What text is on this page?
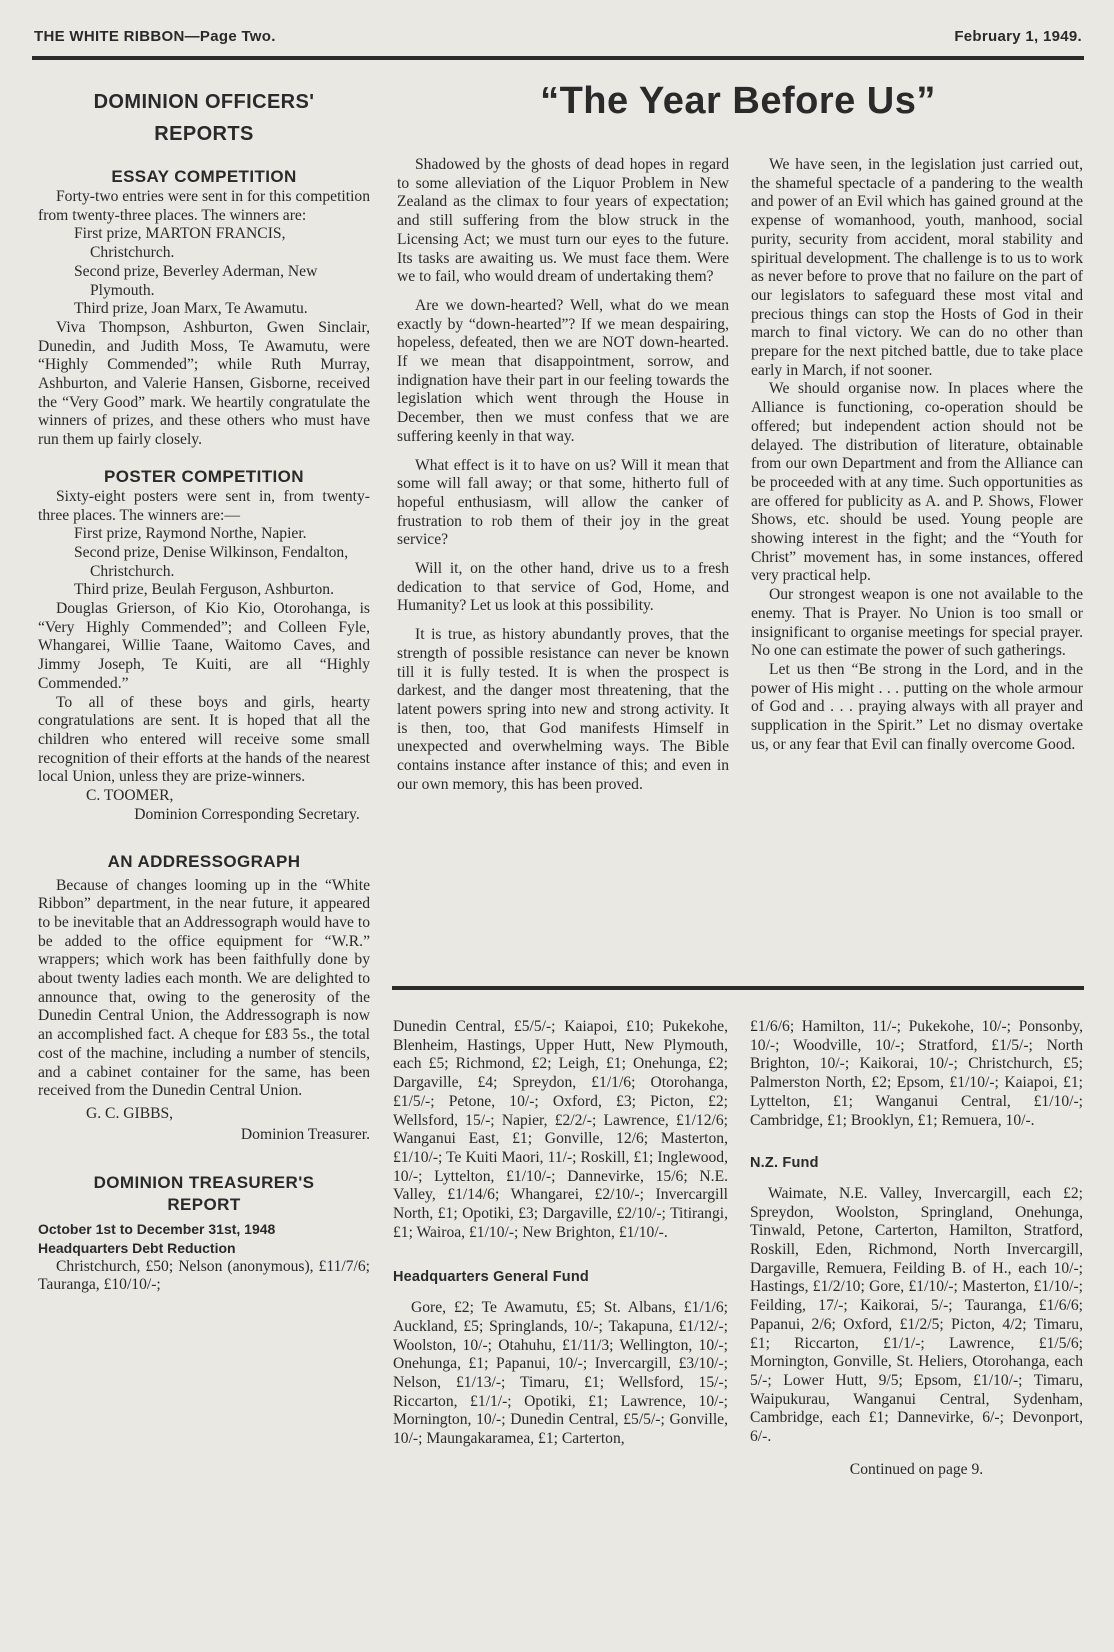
THE WHITE RIBBON—Page Two.	February 1, 1949.
DOMINION OFFICERS' REPORTS
ESSAY COMPETITION

Forty-two entries were sent in for this competition from twenty-three places. The winners are:

First prize, MARTON FRANCIS, Christchurch.
Second prize, Beverley Aderman, New Plymouth.
Third prize, Joan Marx, Te Awamutu.

Viva Thompson, Ashburton, Gwen Sinclair, Dunedin, and Judith Moss, Te Awamutu, were “Highly Commended”; while Ruth Murray, Ashburton, and Valerie Hansen, Gisborne, received the “Very Good” mark. We heartily congratulate the winners of prizes, and these others who must have run them up fairly closely.

POSTER COMPETITION

Sixty-eight posters were sent in, from twenty-three places. The winners are:—

First prize, Raymond Northe, Napier.
Second prize, Denise Wilkinson, Fendalton, Christchurch.
Third prize, Beulah Ferguson, Ashburton.

Douglas Grierson, of Kio Kio, Otorohanga, is “Very Highly Commended”; and Colleen Fyle, Whangarei, Willie Taane, Waitomo Caves, and Jimmy Joseph, Te Kuiti, are all “Highly Commended.”

To all of these boys and girls, hearty congratulations are sent. It is hoped that all the children who entered will receive some small recognition of their efforts at the hands of the nearest local Union, unless they are prize-winners.

C. TOOMER,
Dominion Corresponding Secretary.
AN ADDRESSOGRAPH

Because of changes looming up in the “White Ribbon” department, in the near future, it appeared to be inevitable that an Addressograph would have to be added to the office equipment for “W.R.” wrappers; which work has been faithfully done by about twenty ladies each month. We are delighted to announce that, owing to the generosity of the Dunedin Central Union, the Addressograph is now an accomplished fact. A cheque for £83 5s., the total cost of the machine, including a number of stencils, and a cabinet container for the same, has been received from the Dunedin Central Union.

G. C. GIBBS,
Dominion Treasurer.
DOMINION TREASURER'S REPORT
October 1st to December 31st, 1948
Headquarters Debt Reduction

Christchurch, £50; Nelson (anonymous), £11/7/6; Tauranga, £10/10/-;

“The Year Before Us”

Shadowed by the ghosts of dead hopes in regard to some alleviation of the Liquor Problem in New Zealand as the climax to four years of expectation; and still suffering from the blow struck in the Licensing Act; we must turn our eyes to the future. Its tasks are awaiting us. We must face them. Were we to fail, who would dream of undertaking them?

Are we down-hearted? Well, what do we mean exactly by “down-hearted”? If we mean despairing, hopeless, defeated, then we are NOT down-hearted. If we mean that disappointment, sorrow, and indignation have their part in our feeling towards the legislation which went through the House in December, then we must confess that we are suffering keenly in that way.

What effect is it to have on us? Will it mean that some will fall away; or that some, hitherto full of hopeful enthusiasm, will allow the canker of frustration to rob them of their joy in the great service?

Will it, on the other hand, drive us to a fresh dedication to that service of God, Home, and Humanity? Let us look at this possibility.

It is true, as history abundantly proves, that the strength of possible resistance can never be known till it is fully tested. It is when the prospect is darkest, and the danger most threatening, that the latent powers spring into new and strong activity. It is then, too, that God manifests Himself in unexpected and overwhelming ways. The Bible contains instance after instance of this; and even in our own memory, this has been proved.

We have seen, in the legislation just carried out, the shameful spectacle of a pandering to the wealth and power of an Evil which has gained ground at the expense of womanhood, youth, manhood, social purity, security from accident, moral stability and spiritual development. The challenge is to us to work as never before to prove that no failure on the part of our legislators to safeguard these most vital and precious things can stop the Hosts of God in their march to final victory. We can do no other than prepare for the next pitched battle, due to take place early in March, if not sooner.

We should organise now. In places where the Alliance is functioning, co-operation should be offered; but independent action should not be delayed. The distribution of literature, obtainable from our own Department and from the Alliance can be proceeded with at any time. Such opportunities as are offered for publicity as A. and P. Shows, Flower Shows, etc. should be used. Young people are showing interest in the fight; and the “Youth for Christ” movement has, in some instances, offered very practical help.

Our strongest weapon is one not available to the enemy. That is Prayer. No Union is too small or insignificant to organise meetings for special prayer. No one can estimate the power of such gatherings.

Let us then “Be strong in the Lord, and in the power of His might . . . putting on the whole armour of God and . . . praying always with all prayer and supplication in the Spirit.” Let no dismay overtake us, or any fear that Evil can finally overcome Good.

Dunedin Central, £5/5/-; Kaiapoi, £10; Pukekohe, Blenheim, Hastings, Upper Hutt, New Plymouth, each £5; Richmond, £2; Leigh, £1; Onehunga, £2; Dargaville, £4; Spreydon, £1/1/6; Otorohanga, £1/5/-; Petone, 10/-; Oxford, £3; Picton, £2; Wellsford, 15/-; Napier, £2/2/-; Lawrence, £1/12/6; Wanganui East, £1; Gonville, 12/6; Masterton, £1/10/-; Te Kuiti Maori, 11/-; Roskill, £1; Inglewood, 10/-; Lyttelton, £1/10/-; Dannevirke, 15/6; N.E. Valley, £1/14/6; Whangarei, £2/10/-; Invercargill North, £1; Opotiki, £3; Dargaville, £2/10/-; Titirangi, £1; Wairoa, £1/10/-; New Brighton, £1/10/-.

Headquarters General Fund

Gore, £2; Te Awamutu, £5; St. Albans, £1/1/6; Auckland, £5; Springlands, 10/-; Takapuna, £1/12/-; Woolston, 10/-; Otahuhu, £1/11/3; Wellington, 10/-; Onehunga, £1; Papanui, 10/-; Invercargill, £3/10/-; Nelson, £1/13/-; Timaru, £1; Wellsford, 15/-; Riccarton, £1/1/-; Opotiki, £1; Lawrence, 10/-; Mornington, 10/-; Dunedin Central, £5/5/-; Gonville, 10/-; Maungakaramea, £1; Carterton,

£1/6/6; Hamilton, 11/-; Pukekohe, 10/-; Ponsonby, 10/-; Woodville, 10/-; Stratford, £1/5/-; North Brighton, 10/-; Kaikorai, 10/-; Christchurch, £5; Palmerston North, £2; Epsom, £1/10/-; Kaiapoi, £1; Lyttelton, £1; Wanganui Central, £1/10/-; Cambridge, £1; Brooklyn, £1; Remuera, 10/-.

N.Z. Fund

Waimate, N.E. Valley, Invercargill, each £2; Spreydon, Woolston, Springland, Onehunga, Tinwald, Petone, Carterton, Hamilton, Stratford, Roskill, Eden, Richmond, North Invercargill, Dargaville, Remuera, Feilding B. of H., each 10/-; Hastings, £1/2/10; Gore, £1/10/-; Masterton, £1/10/-; Feilding, 17/-; Kaikorai, 5/-; Tauranga, £1/6/6; Papanui, 2/6; Oxford, £1/2/5; Picton, 4/2; Timaru, £1; Riccarton, £1/1/-; Lawrence, £1/5/6; Mornington, Gonville, St. Heliers, Otorohanga, each 5/-; Lower Hutt, 9/5; Epsom, £1/10/-; Timaru, Waipukurau, Wanganui Central, Sydenham, Cambridge, each £1; Dannevirke, 6/-; Devonport, 6/-.

Continued on page 9.
